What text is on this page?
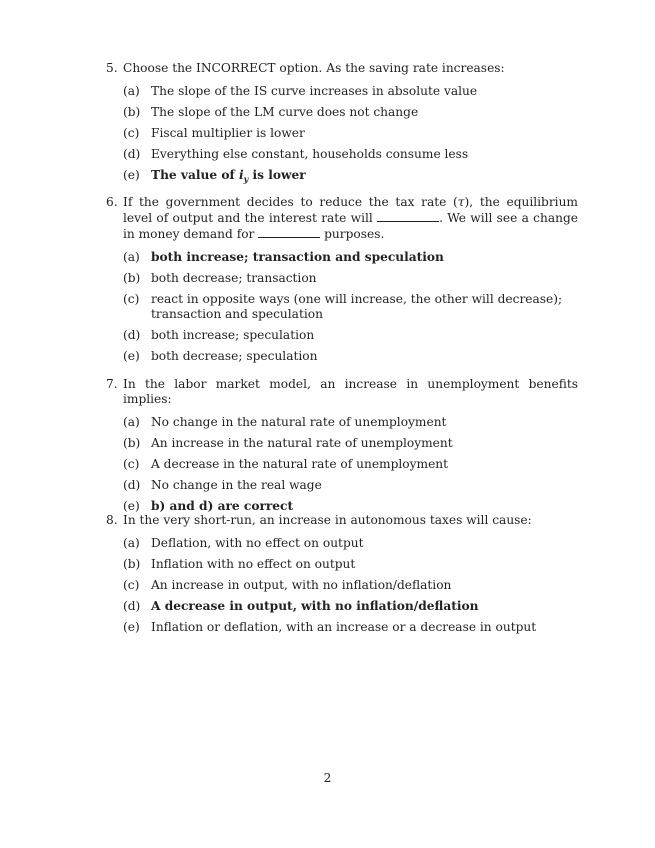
5. Choose the INCORRECT option. As the saving rate increases:
(a) The slope of the IS curve increases in absolute value
(b) The slope of the LM curve does not change
(c) Fiscal multiplier is lower
(d) Everything else constant, households consume less
(e) The value of $i_y$ is lower
6. If the government decides to reduce the tax rate (τ), the equilibrium level of output and the interest rate will	. We will see a change in money demand for	purposes.
(a) both increase; transaction and speculation
(b) both decrease; transaction
(c) react in opposite ways (one will increase, the other will decrease); transaction and speculation
(d) both increase; speculation
(e) both decrease; speculation
7. In the labor market model, an increase in unemployment benefits implies:
(a) No change in the natural rate of unemployment
(b) An increase in the natural rate of unemployment
(c) A decrease in the natural rate of unemployment
(d) No change in the real wage
(e) b) and d) are correct
8. In the very short-run, an increase in autonomous taxes will cause:
(a) Deflation, with no effect on output
(b) Inflation with no effect on output
(c) An increase in output, with no inflation/deflation
(d) A decrease in output, with no inflation/deflation
(e) Inflation or deflation, with an increase or a decrease in output
2
